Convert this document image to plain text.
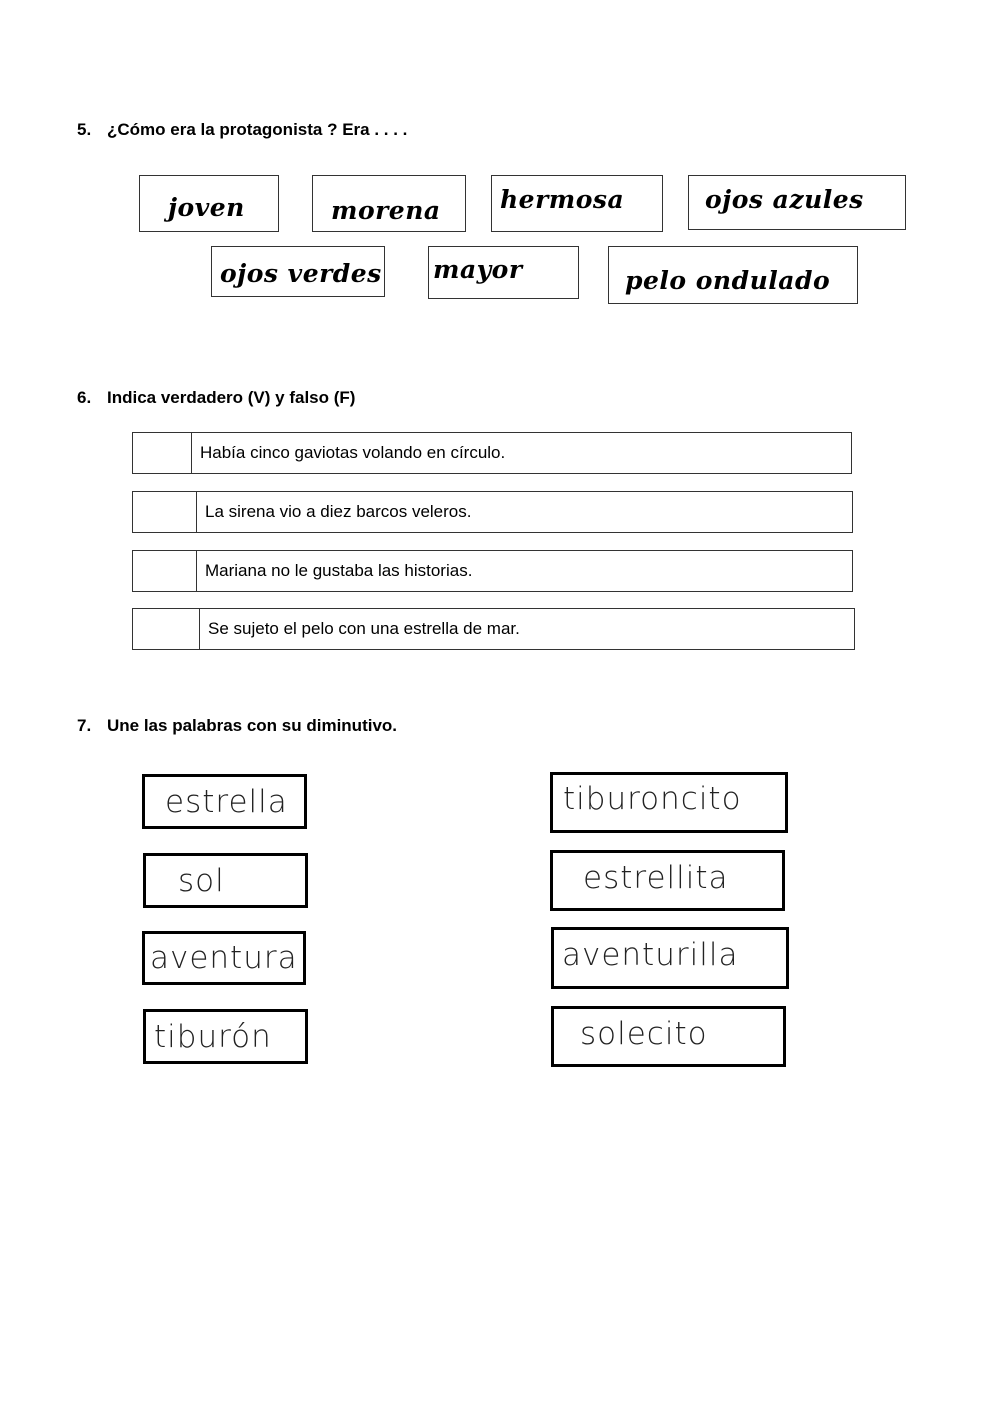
5. ¿Cómo era la protagonista ? Era . . . .

joven	morena hermosa	ojos azules
ojos verdes mayor	pelo ondulado

6. Indica verdadero (V) y falso (F)

Había cinco gaviotas volando en círculo.
La sirena vio a diez barcos veleros.
Mariana no le gustaba las historias.
Se sujeto el pelo con una estrella de mar.

7. Une las palabras con su diminutivo.

estrella
sol
aventura
tiburón
tiburoncito
estrellita
aventurilla
solecito
